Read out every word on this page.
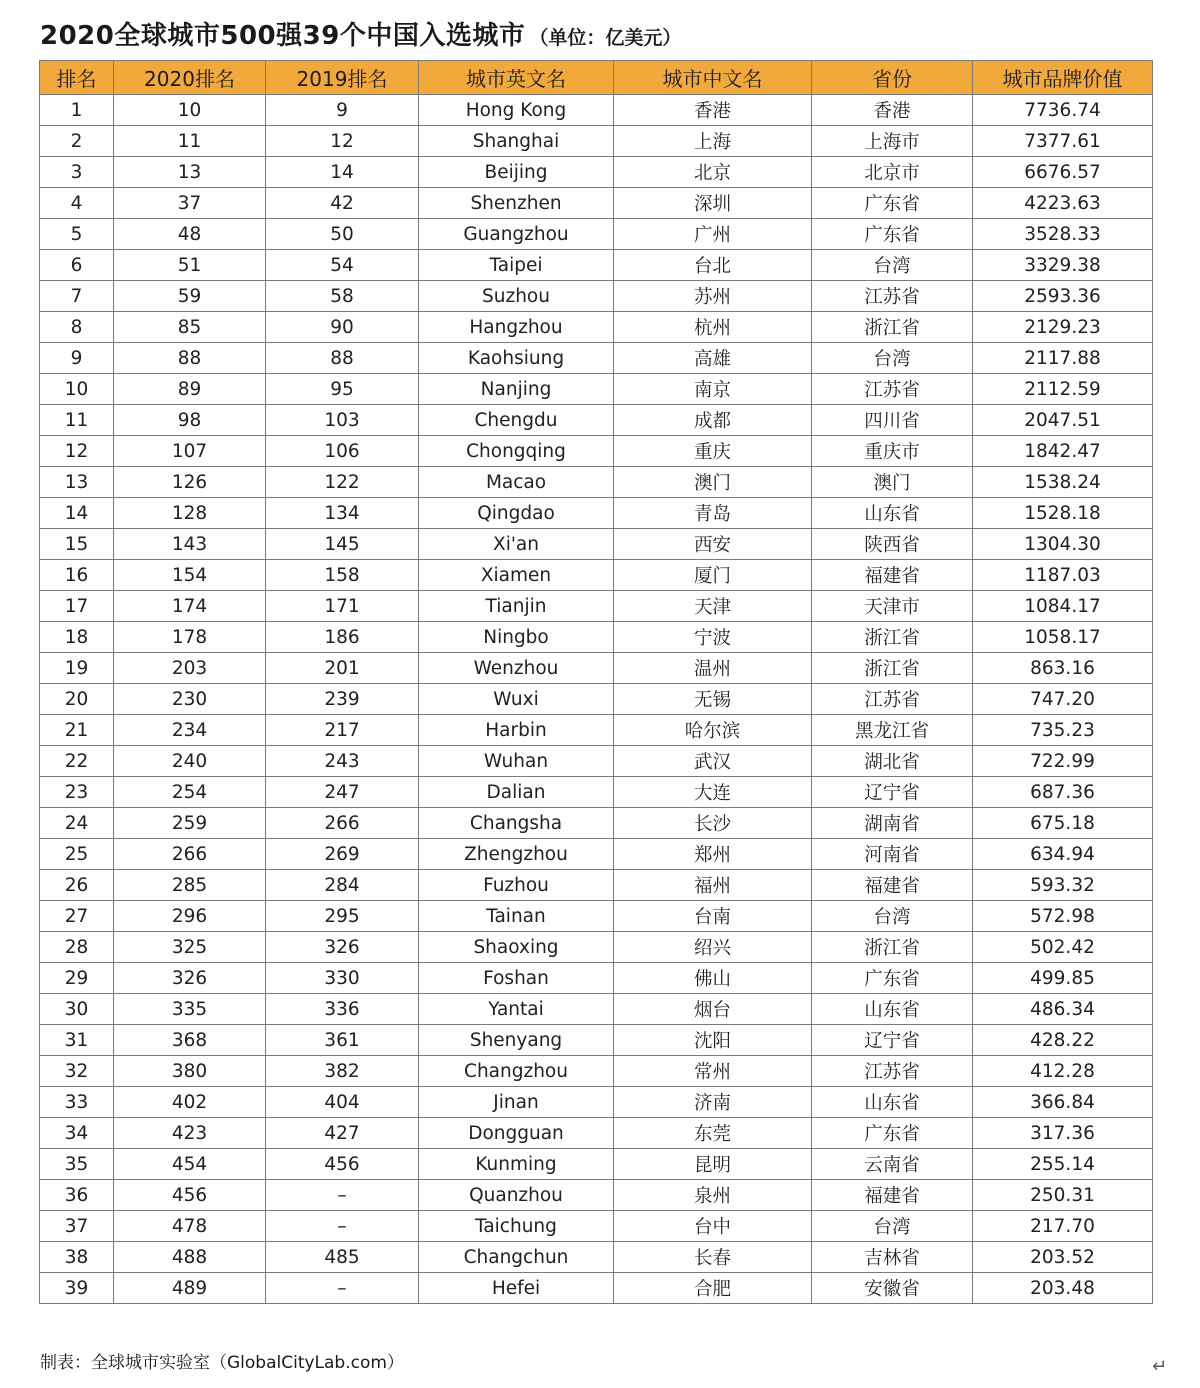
2020全球城市500强39个中国入选城市 （单位：亿美元）
排名	2020排名	2019排名	城市英文名	城市中文名	省份	城市品牌价值
1	10	9	Hong Kong	香港	香港	7736.74
2	11	12	Shanghai	上海	上海市	7377.61
3	13	14	Beijing	北京	北京市	6676.57
4	37	42	Shenzhen	深圳	广东省	4223.63
5	48	50	Guangzhou	广州	广东省	3528.33
6	51	54	Taipei	台北	台湾	3329.38
7	59	58	Suzhou	苏州	江苏省	2593.36
8	85	90	Hangzhou	杭州	浙江省	2129.23
9	88	88	Kaohsiung	高雄	台湾	2117.88
10	89	95	Nanjing	南京	江苏省	2112.59
11	98	103	Chengdu	成都	四川省	2047.51
12	107	106	Chongqing	重庆	重庆市	1842.47
13	126	122	Macao	澳门	澳门	1538.24
14	128	134	Qingdao	青岛	山东省	1528.18
15	143	145	Xi'an	西安	陕西省	1304.30
16	154	158	Xiamen	厦门	福建省	1187.03
17	174	171	Tianjin	天津	天津市	1084.17
18	178	186	Ningbo	宁波	浙江省	1058.17
19	203	201	Wenzhou	温州	浙江省	863.16
20	230	239	Wuxi	无锡	江苏省	747.20
21	234	217	Harbin	哈尔滨	黑龙江省	735.23
22	240	243	Wuhan	武汉	湖北省	722.99
23	254	247	Dalian	大连	辽宁省	687.36
24	259	266	Changsha	长沙	湖南省	675.18
25	266	269	Zhengzhou	郑州	河南省	634.94
26	285	284	Fuzhou	福州	福建省	593.32
27	296	295	Tainan	台南	台湾	572.98
28	325	326	Shaoxing	绍兴	浙江省	502.42
29	326	330	Foshan	佛山	广东省	499.85
30	335	336	Yantai	烟台	山东省	486.34
31	368	361	Shenyang	沈阳	辽宁省	428.22
32	380	382	Changzhou	常州	江苏省	412.28
33	402	404	Jinan	济南	山东省	366.84
34	423	427	Dongguan	东莞	广东省	317.36
35	454	456	Kunming	昆明	云南省	255.14
36	456	–	Quanzhou	泉州	福建省	250.31
37	478	–	Taichung	台中	台湾	217.70
38	488	485	Changchun	长春	吉林省	203.52
39	489	–	Hefei	合肥	安徽省	203.48
制表：全球城市实验室（GlobalCityLab.com）	↵
